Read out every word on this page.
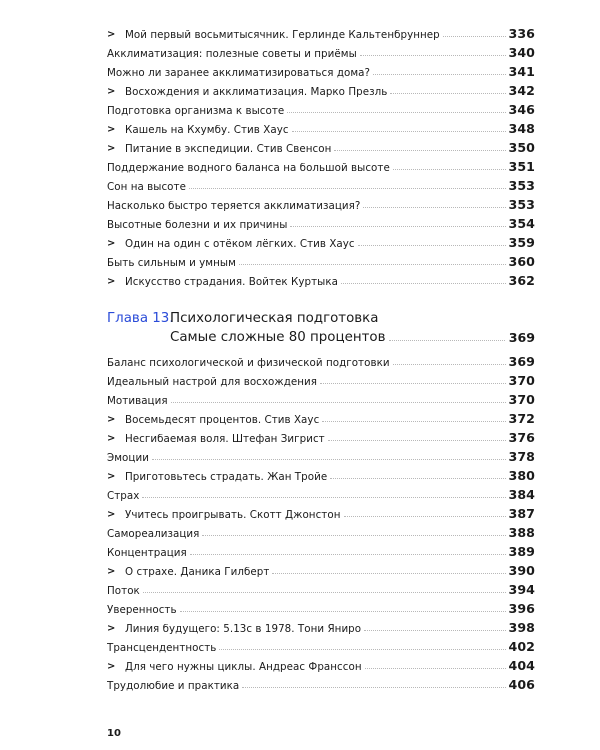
> Мой первый восьмитысячник. Герлинде Кальтенбруннер	336
Акклиматизация: полезные советы и приёмы	340
Можно ли заранее акклиматизироваться дома?	341
> Восхождения и акклиматизация. Марко Презль	342
Подготовка организма к высоте	346
> Кашель на Кхумбу. Стив Хаус	348
> Питание в экспедиции. Стив Свенсон	350
Поддержание водного баланса на большой высоте	351
Сон на высоте	353
Насколько быстро теряется акклиматизация?	353
Высотные болезни и их причины	354
> Один на один с отёком лёгких. Стив Хаус	359
Быть сильным и умным	360
> Искусство страдания. Войтек Куртыка	362
Глава 13.
Психологическая подготовка
Самые сложные 80 процентов	369
Баланс психологической и физической подготовки	369
Идеальный настрой для восхождения	370
Мотивация	370
> Восемьдесят процентов. Стив Хаус	372
> Несгибаемая воля. Штефан Зигрист	376
Эмоции	378
> Приготовьтесь страдать. Жан Тройе	380
Страх	384
> Учитесь проигрывать. Скотт Джонстон	387
Самореализация	388
Концентрация	389
> О страхе. Даника Гилберт	390
Поток	394
Уверенность	396
> Линия будущего: 5.13c в 1978. Тони Яниро	398
Трансцендентность	402
> Для чего нужны циклы. Андреас Франссон	404
Трудолюбие и практика	406
10
